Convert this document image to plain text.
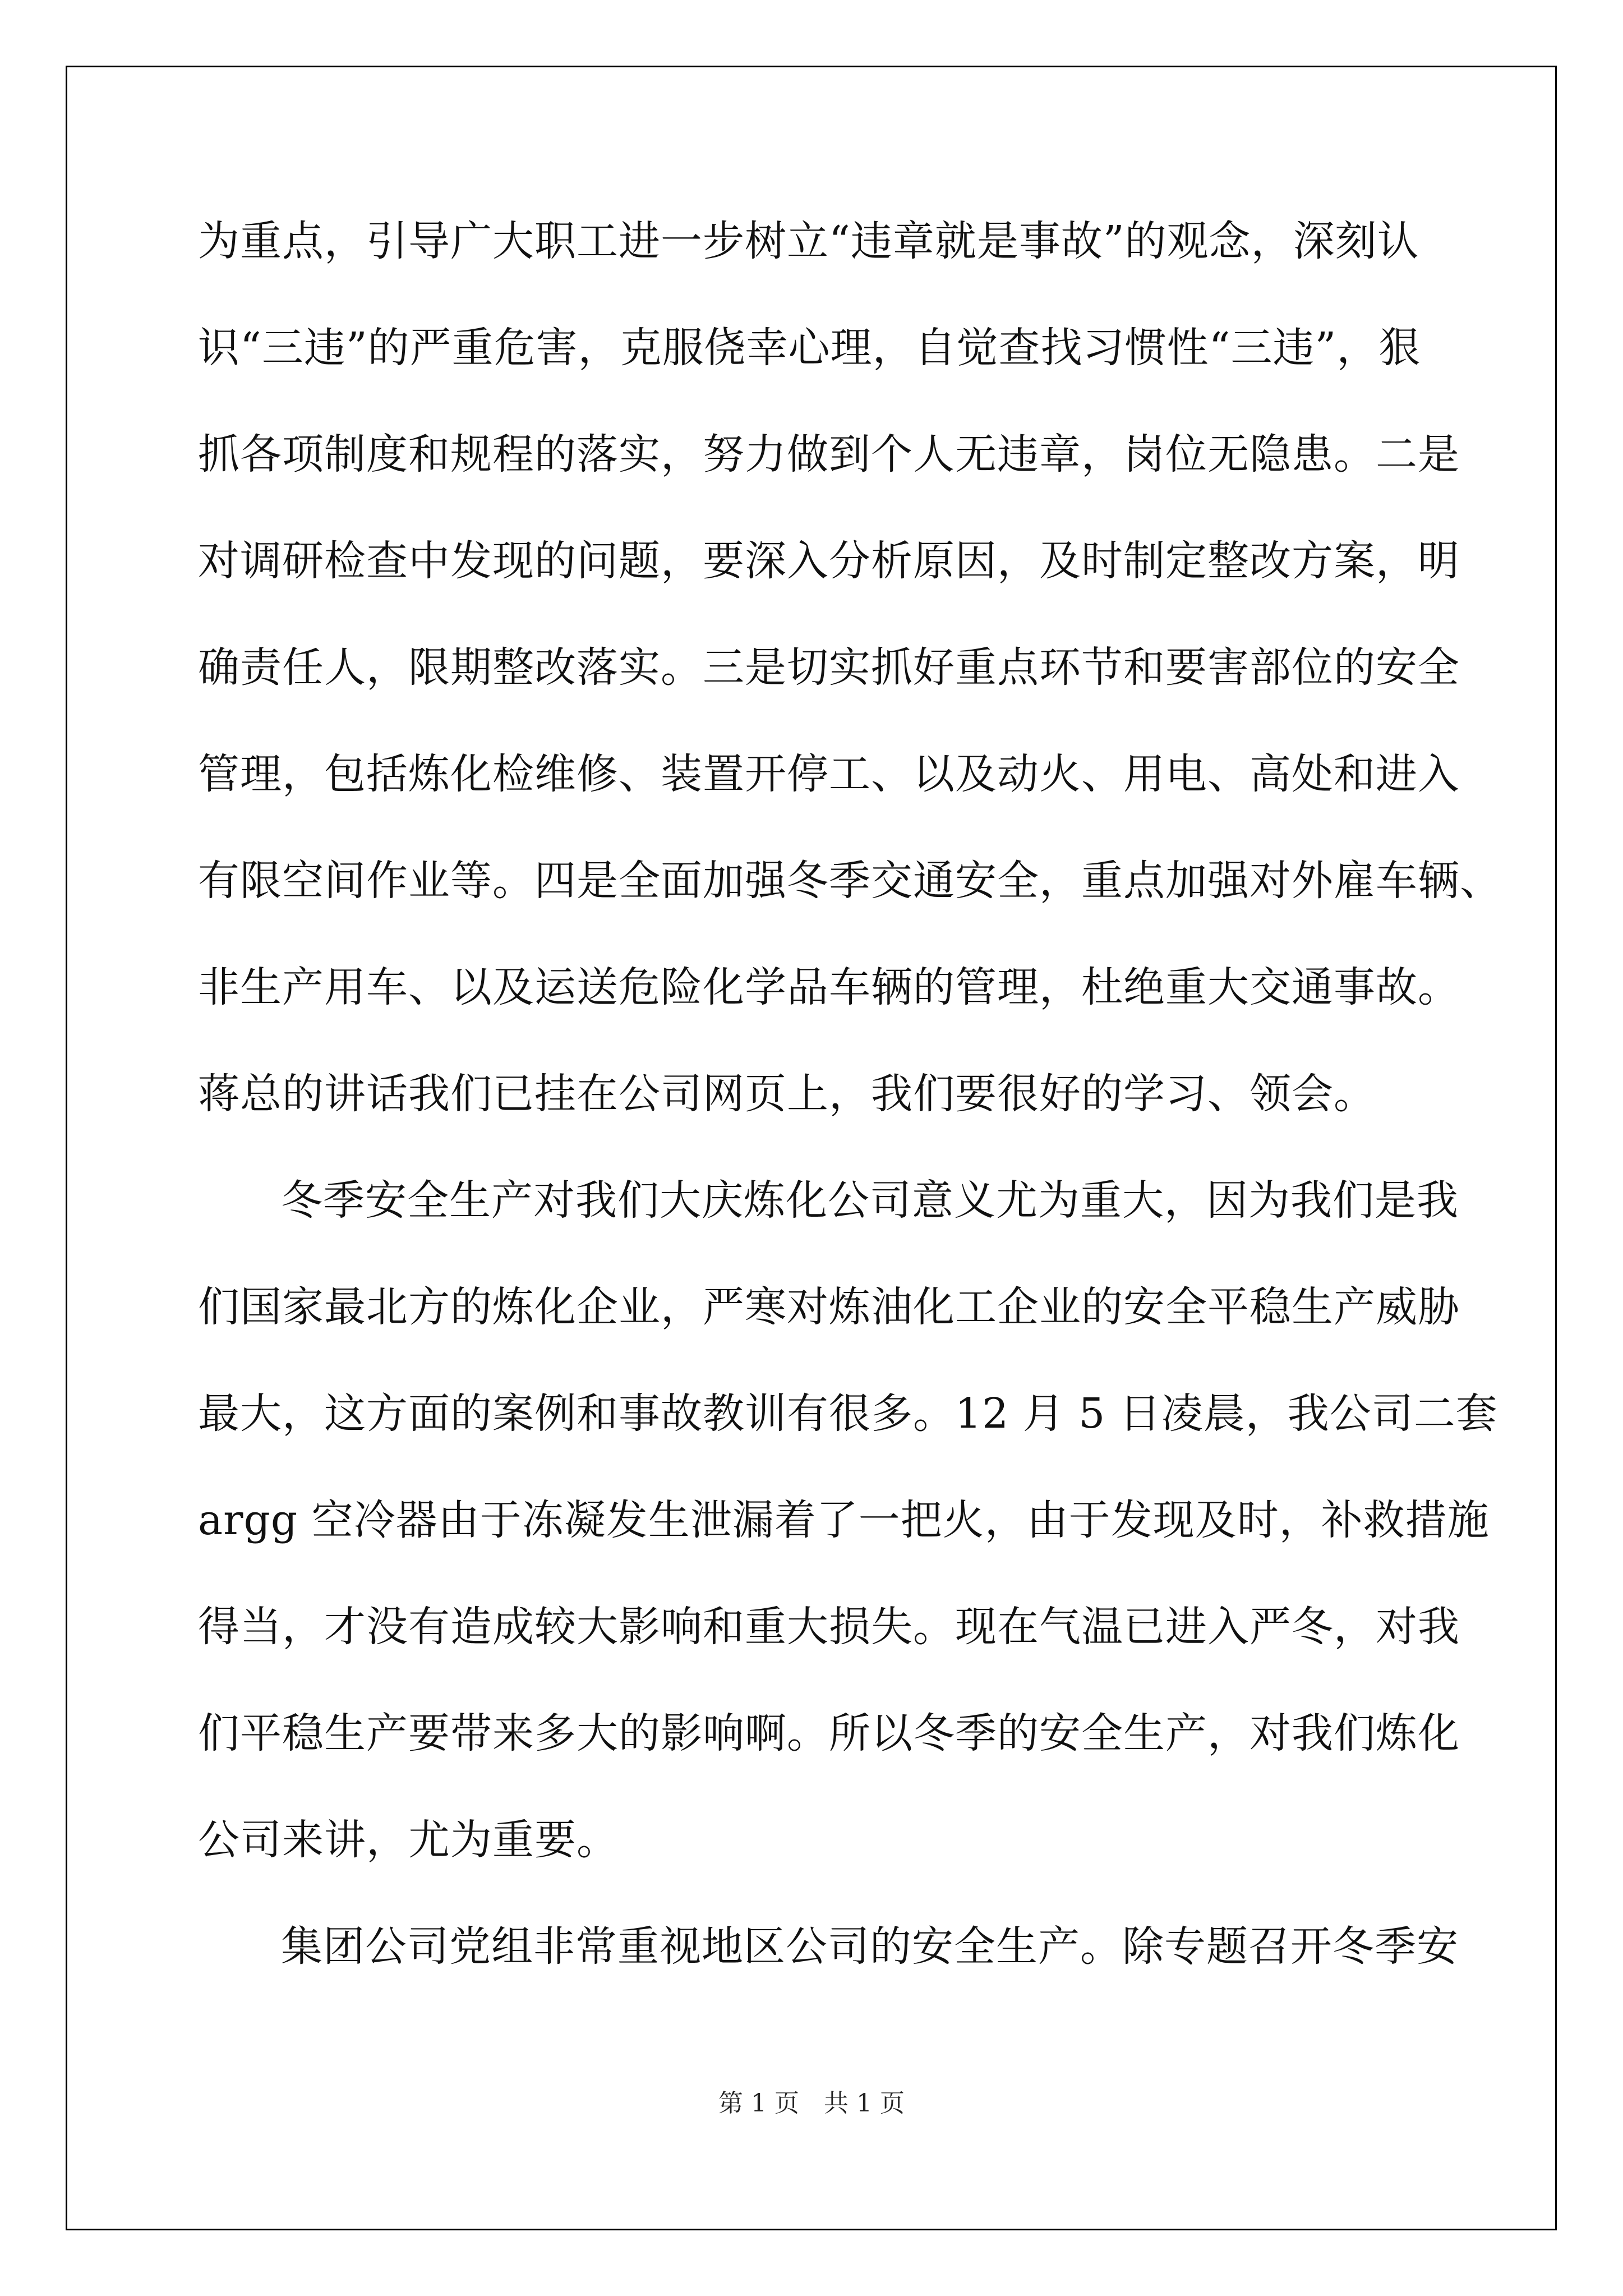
为重点，引导广大职工进一步树立“违章就是事故”的观念，深刻认
识“三违”的严重危害，克服侥幸心理，自觉查找习惯性“三违”，狠
抓各项制度和规程的落实，努力做到个人无违章，岗位无隐患。二是
对调研检查中发现的问题，要深入分析原因，及时制定整改方案，明
确责任人，限期整改落实。三是切实抓好重点环节和要害部位的安全
管理，包括炼化检维修、装置开停工、以及动火、用电、高处和进入
有限空间作业等。四是全面加强冬季交通安全，重点加强对外雇车辆、
非生产用车、以及运送危险化学品车辆的管理，杜绝重大交通事故。
蒋总的讲话我们已挂在公司网页上，我们要很好的学习、领会。
冬季安全生产对我们大庆炼化公司意义尤为重大，因为我们是我
们国家最北方的炼化企业，严寒对炼油化工企业的安全平稳生产威胁
最大，这方面的案例和事故教训有很多。12 月 5 日凌晨，我公司二套
argg 空冷器由于冻凝发生泄漏着了一把火，由于发现及时，补救措施
得当，才没有造成较大影响和重大损失。现在气温已进入严冬，对我
们平稳生产要带来多大的影响啊。所以冬季的安全生产，对我们炼化
公司来讲，尤为重要。
集团公司党组非常重视地区公司的安全生产。除专题召开冬季安
第 1 页　共 1 页
